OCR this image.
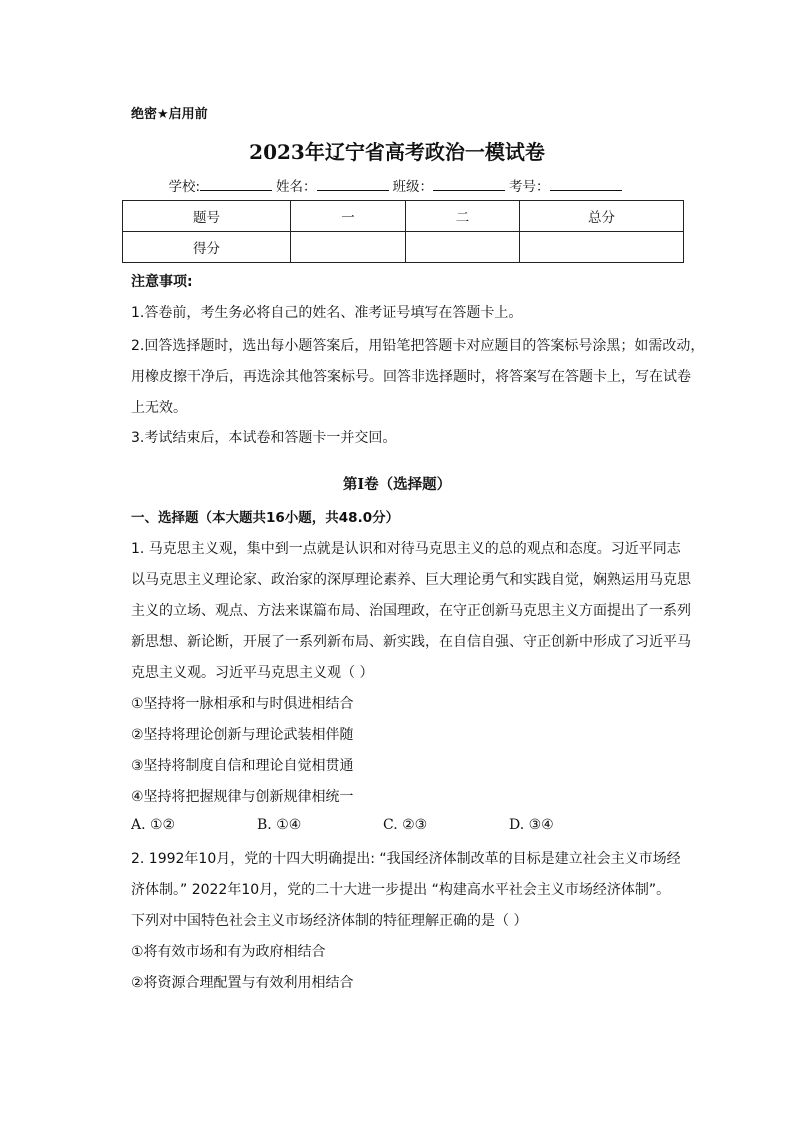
绝密★启用前
2023年辽宁省高考政治一模试卷
学校:	姓名：	班级：	考号：
题号	一	二	总分
得分			
注意事项:
1.答卷前，考生务必将自己的姓名、准考证号填写在答题卡上。
2.回答选择题时，选出每小题答案后，用铅笔把答题卡对应题目的答案标号涂黑；如需改动，
用橡皮擦干净后，再选涂其他答案标号。回答非选择题时，将答案写在答题卡上，写在试卷
上无效。
3.考试结束后，本试卷和答题卡一并交回。
第I卷（选择题）
一、选择题（本大题共16小题，共48.0分）
1. 马克思主义观，集中到一点就是认识和对待马克思主义的总的观点和态度。习近平同志
以马克思主义理论家、政治家的深厚理论素养、巨大理论勇气和实践自觉，娴熟运用马克思
主义的立场、观点、方法来谋篇布局、治国理政，在守正创新马克思主义方面提出了一系列
新思想、新论断，开展了一系列新布局、新实践，在自信自强、守正创新中形成了习近平马
克思主义观。习近平马克思主义观（ ）
①坚持将一脉相承和与时俱进相结合
②坚持将理论创新与理论武装相伴随
③坚持将制度自信和理论自觉相贯通
④坚持将把握规律与创新规律相统一
A. ①②	B. ①④	C. ②③	D. ③④
2. 1992年10月，党的十四大明确提出: “我国经济体制改革的目标是建立社会主义市场经
济体制。” 2022年10月，党的二十大进一步提出 “构建高水平社会主义市场经济体制”。
下列对中国特色社会主义市场经济体制的特征理解正确的是（ ）
①将有效市场和有为政府相结合
②将资源合理配置与有效利用相结合
